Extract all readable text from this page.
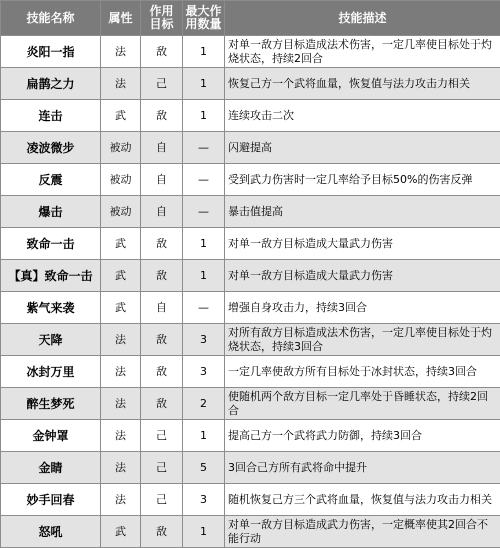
技能名称	属性	作用目标	最大作用数量	技能描述
炎阳一指	法	敌	1	对单一敌方目标造成法术伤害，一定几率使目标处于灼烧状态，持续2回合
扁鹊之力	法	己	1	恢复己方一个武将血量，恢复值与法力攻击力相关
连击	武	敌	1	连续攻击二次
凌波微步	被动	自	—	闪避提高
反震	被动	自	—	受到武力伤害时一定几率给予目标50%的伤害反弹
爆击	被动	自	—	暴击值提高
致命一击	武	敌	1	对单一敌方目标造成大量武力伤害
【真】致命一击	武	敌	1	对单一敌方目标造成大量武力伤害
紫气来袭	武	自	—	增强自身攻击力，持续3回合
天降	法	敌	3	对所有敌方目标造成法术伤害，一定几率使目标处于灼烧状态，持续3回合
冰封万里	法	敌	3	一定几率使敌方所有目标处于冰封状态，持续3回合
醉生梦死	法	敌	2	使随机两个敌方目标一定几率处于昏睡状态，持续2回合
金钟罩	法	己	1	提高己方一个武将武力防御，持续3回合
金睛	法	己	5	3回合己方所有武将命中提升
妙手回春	法	己	3	随机恢复己方三个武将血量，恢复值与法力攻击力相关
怒吼	武	敌	1	对单一敌方目标造成武力伤害，一定概率使其2回合不能行动
